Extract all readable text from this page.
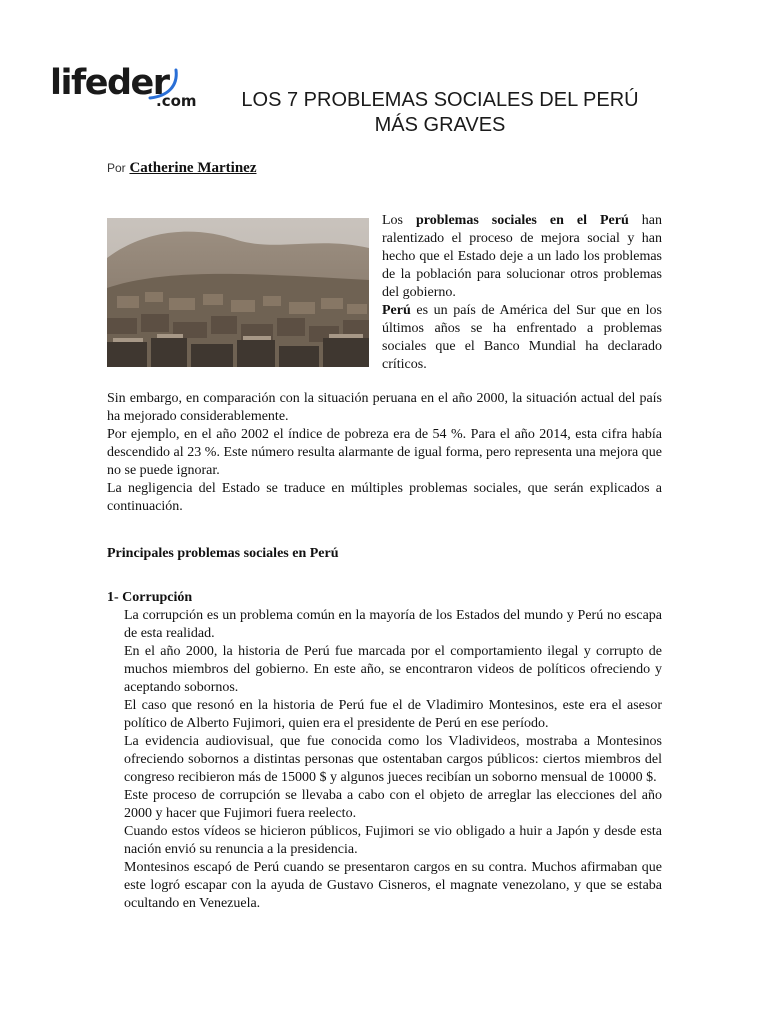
lifeder
.com	LOS 7 PROBLEMAS SOCIALES DEL PERÚ
MÁS GRAVES
Por Catherine Martinez

Los problemas sociales en el Perú han ralentizado el proceso de mejora social y han hecho que el Estado deje a un lado los problemas de la población para solucionar otros problemas del gobierno.
Perú es un país de América del Sur que en los últimos años se ha enfrentado a problemas sociales que el Banco Mundial ha declarado críticos.

Sin embargo, en comparación con la situación peruana en el año 2000, la situación actual del país ha mejorado considerablemente.

Por ejemplo, en el año 2002 el índice de pobreza era de 54 %. Para el año 2014, esta cifra había descendido al 23 %. Este número resulta alarmante de igual forma, pero representa una mejora que no se puede ignorar.

La negligencia del Estado se traduce en múltiples problemas sociales, que serán explicados a continuación.

Principales problemas sociales en Perú
1- Corrupción

La corrupción es un problema común en la mayoría de los Estados del mundo y Perú no escapa de esta realidad.

En el año 2000, la historia de Perú fue marcada por el comportamiento ilegal y corrupto de muchos miembros del gobierno. En este año, se encontraron videos de políticos ofreciendo y aceptando sobornos.

El caso que resonó en la historia de Perú fue el de Vladimiro Montesinos, este era el asesor político de Alberto Fujimori, quien era el presidente de Perú en ese período.

La evidencia audiovisual, que fue conocida como los Vladivideos, mostraba a Montesinos ofreciendo sobornos a distintas personas que ostentaban cargos públicos: ciertos miembros del congreso recibieron más de 15000 $ y algunos jueces recibían un soborno mensual de 10000 $.

Este proceso de corrupción se llevaba a cabo con el objeto de arreglar las elecciones del año 2000 y hacer que Fujimori fuera reelecto.

Cuando estos vídeos se hicieron públicos, Fujimori se vio obligado a huir a Japón y desde esta nación envió su renuncia a la presidencia.

Montesinos escapó de Perú cuando se presentaron cargos en su contra. Muchos afirmaban que este logró escapar con la ayuda de Gustavo Cisneros, el magnate venezolano, y que se estaba ocultando en Venezuela.
